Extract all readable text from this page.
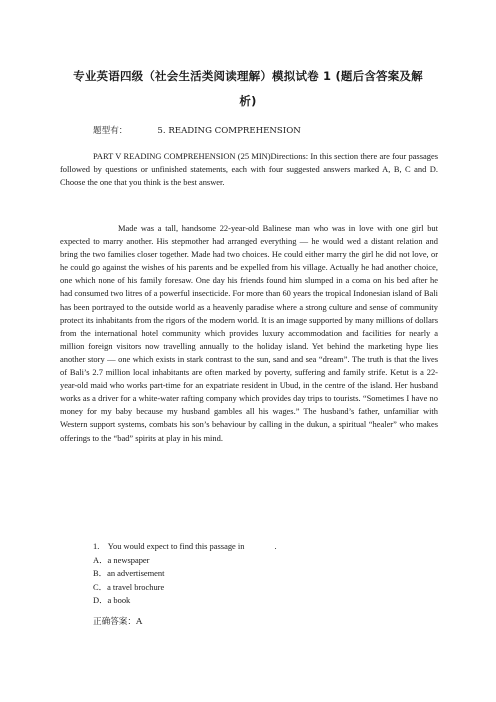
专业英语四级（社会生活类阅读理解）模拟试卷 1 (题后含答案及解
析)
题型有：	5. READING COMPREHENSION
PART V READING COMPREHENSION (25 MIN)Directions: In this section there are four passages followed by questions or unfinished statements, each with four suggested answers marked A, B, C and D. Choose the one that you think is the best answer.
Made was a tall, handsome 22-year-old Balinese man who was in love with one girl but expected to marry another. His stepmother had arranged everything — he would wed a distant relation and bring the two families closer together. Made had two choices. He could either marry the girl he did not love, or he could go against the wishes of his parents and be expelled from his village. Actually he had another choice, one which none of his family foresaw. One day his friends found him slumped in a coma on his bed after he had consumed two litres of a powerful insecticide. For more than 60 years the tropical Indonesian island of Bali has been portrayed to the outside world as a heavenly paradise where a strong culture and sense of community protect its inhabitants from the rigors of the modern world. It is an image supported by many millions of dollars from the international hotel community which provides luxury accommodation and facilities for nearly a million foreign visitors now travelling annually to the holiday island. Yet behind the marketing hype lies another story — one which exists in stark contrast to the sun, sand and sea “dream”. The truth is that the lives of Bali’s 2.7 million local inhabitants are often marked by poverty, suffering and family strife. Ketut is a 22-year-old maid who works part-time for an expatriate resident in Ubud, in the centre of the island. Her husband works as a driver for a white-water rafting company which provides day trips to tourists. “Sometimes I have no money for my baby because my husband gambles all his wages.” The husband’s father, unfamiliar with Western support systems, combats his son’s behaviour by calling in the dukun, a spiritual “healer” who makes offerings to the “bad” spirits at play in his mind.
1. You would expect to find this passage in	.
A．a newspaper
B．an advertisement
C．a travel brochure
D．a book
正确答案：A
